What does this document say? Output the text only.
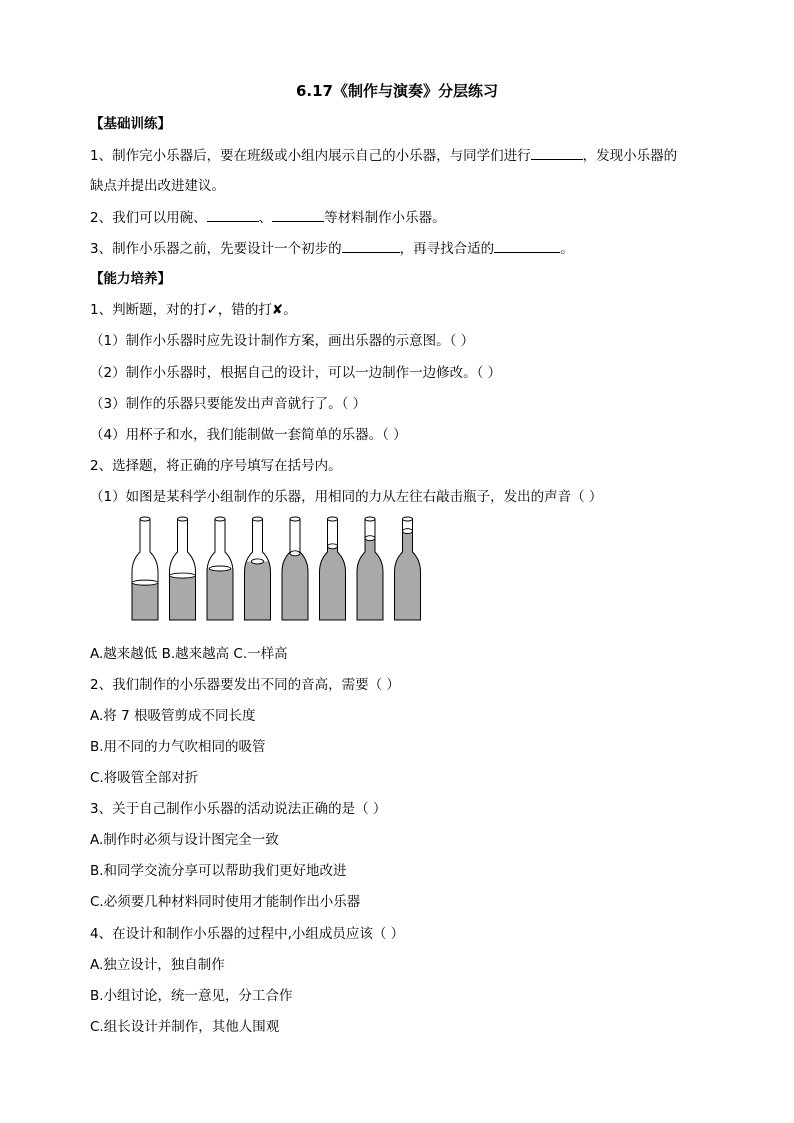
6.17《制作与演奏》分层练习
【基础训练】
1、制作完小乐器后，要在班级或小组内展示自己的小乐器，与同学们进行	，发现小乐器的
缺点并提出改进建议。
2、我们可以用碗、	、	等材料制作小乐器。
3、制作小乐器之前，先要设计一个初步的	，再寻找合适的	。
【能力培养】
1、判断题，对的打✓，错的打✘。
（1）制作小乐器时应先设计制作方案，画出乐器的示意图。（ ）
（2）制作小乐器时，根据自己的设计，可以一边制作一边修改。（ ）
（3）制作的乐器只要能发出声音就行了。（ ）
（4）用杯子和水，我们能制做一套简单的乐器。（ ）
2、选择题，将正确的序号填写在括号内。
（1）如图是某科学小组制作的乐器，用相同的力从左往右敲击瓶子，发出的声音（ ）
A.越来越低 B.越来越高 C.一样高
2、我们制作的小乐器要发出不同的音高，需要（ ）
A.将 7 根吸管剪成不同长度
B.用不同的力气吹相同的吸管
C.将吸管全部对折
3、关于自己制作小乐器的活动说法正确的是（ ）
A.制作时必须与设计图完全一致
B.和同学交流分享可以帮助我们更好地改进
C.必须要几种材料同时使用才能制作出小乐器
4、在设计和制作小乐器的过程中,小组成员应该（ ）
A.独立设计，独自制作
B.小组讨论，统一意见，分工合作
C.组长设计并制作，其他人围观
